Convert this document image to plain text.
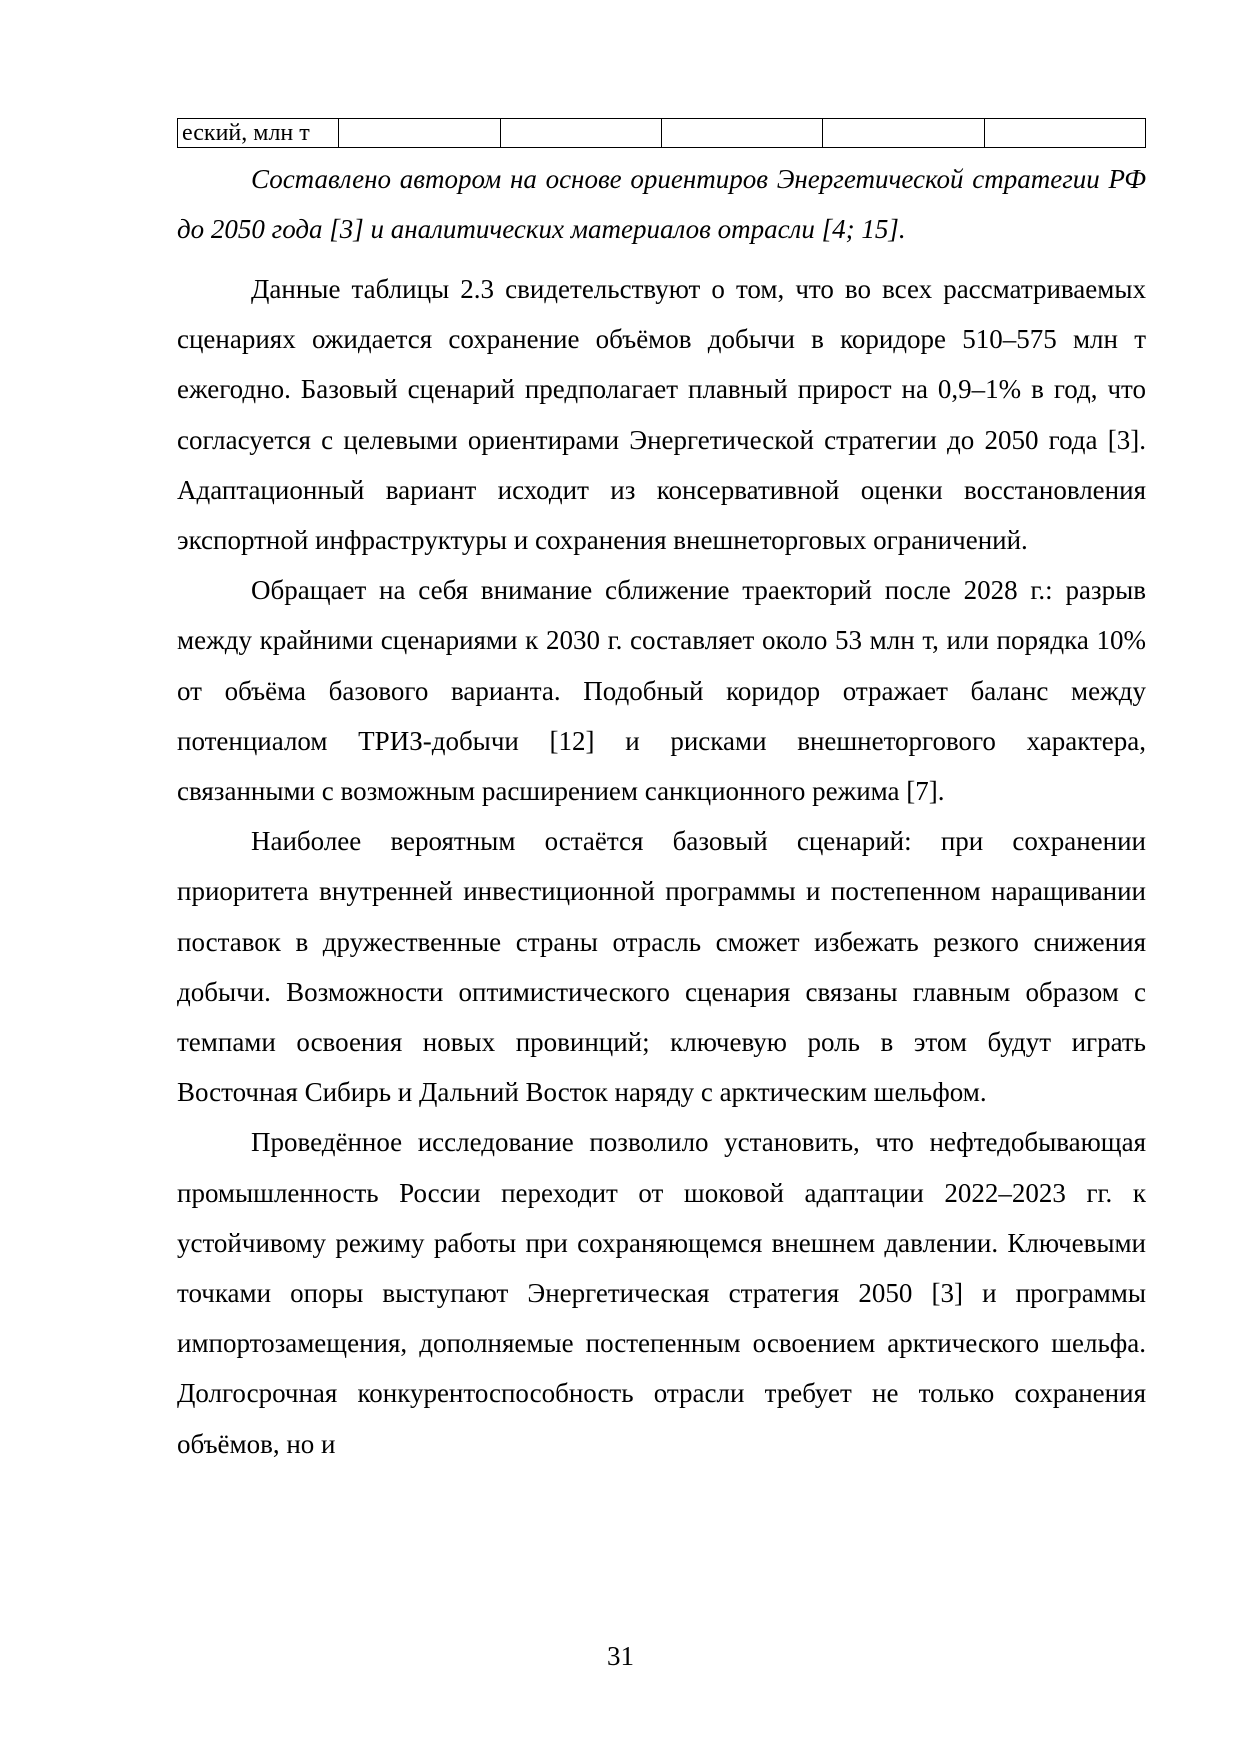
еский, млн т					

Составлено автором на основе ориентиров Энергетической стратегии РФ до 2050 года [3] и аналитических материалов отрасли [4; 15].

Данные таблицы 2.3 свидетельствуют о том, что во всех рассматриваемых сценариях ожидается сохранение объёмов добычи в коридоре 510–575 млн т ежегодно. Базовый сценарий предполагает плавный прирост на 0,9–1% в год, что согласуется с целевыми ориентирами Энергетической стратегии до 2050 года [3]. Адаптационный вариант исходит из консервативной оценки восстановления экспортной инфраструктуры и сохранения внешнеторговых ограничений.

Обращает на себя внимание сближение траекторий после 2028 г.: разрыв между крайними сценариями к 2030 г. составляет около 53 млн т, или порядка 10% от объёма базового варианта. Подобный коридор отражает баланс между потенциалом ТРИЗ-добычи [12] и рисками внешнеторгового характера, связанными с возможным расширением санкционного режима [7].

Наиболее вероятным остаётся базовый сценарий: при сохранении приоритета внутренней инвестиционной программы и постепенном наращивании поставок в дружественные страны отрасль сможет избежать резкого снижения добычи. Возможности оптимистического сценария связаны главным образом с темпами освоения новых провинций; ключевую роль в этом будут играть Восточная Сибирь и Дальний Восток наряду с арктическим шельфом.

Проведённое исследование позволило установить, что нефтедобывающая промышленность России переходит от шоковой адаптации 2022–2023 гг. к устойчивому режиму работы при сохраняющемся внешнем давлении. Ключевыми точками опоры выступают Энергетическая стратегия 2050 [3] и программы импортозамещения, дополняемые постепенным освоением арктического шельфа. Долгосрочная конкурентоспособность отрасли требует не только сохранения объёмов, но и

31
